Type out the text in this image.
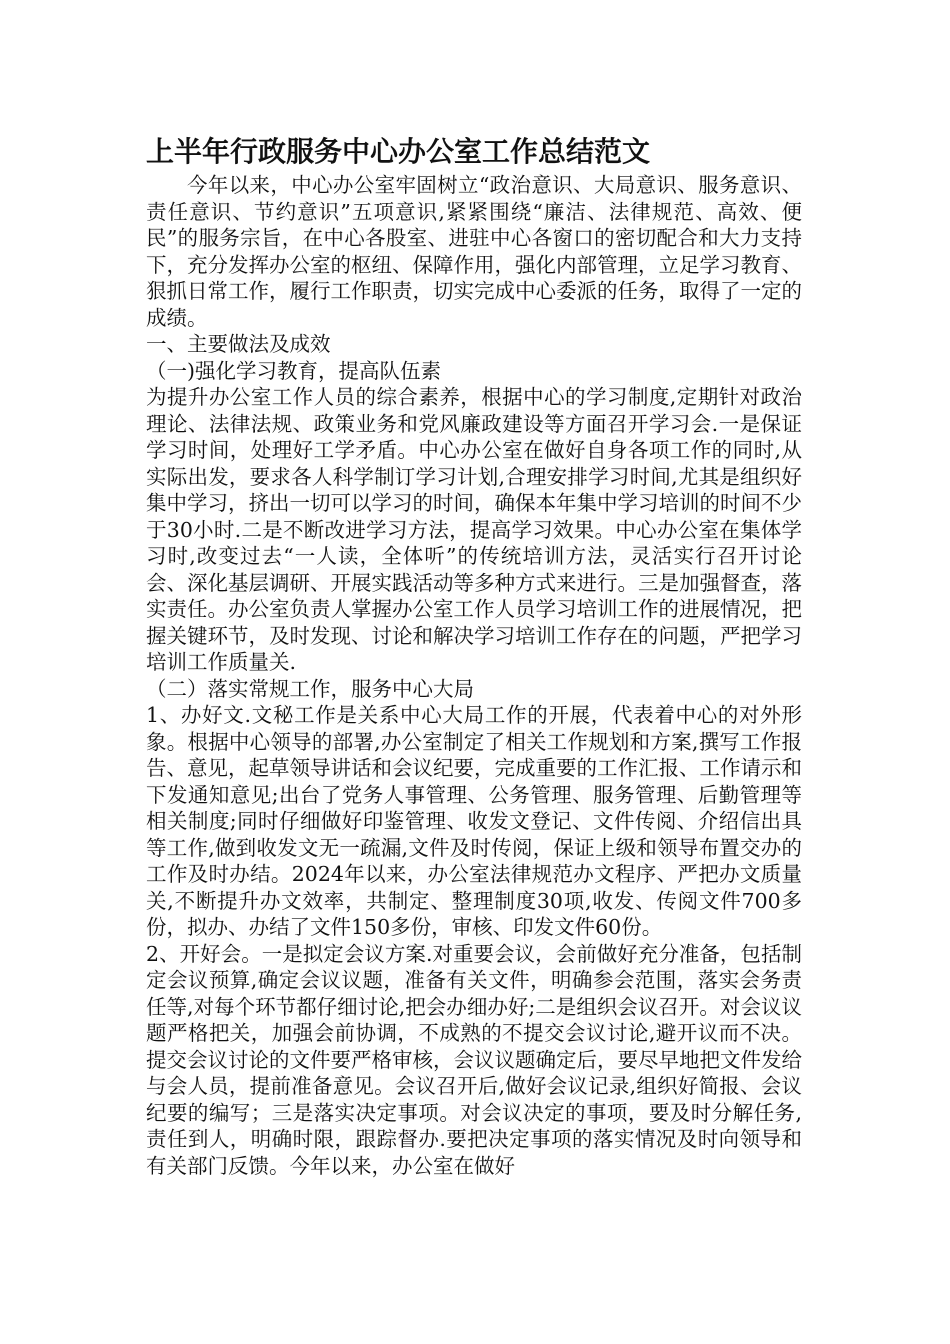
上半年行政服务中心办公室工作总结范文

今年以来，中心办公室牢固树立“政治意识、大局意识、服务意识、责任意识、节约意识”五项意识,紧紧围绕“廉洁、法律规范、高效、便民”的服务宗旨，在中心各股室、进驻中心各窗口的密切配合和大力支持下，充分发挥办公室的枢纽、保障作用，强化内部管理，立足学习教育、狠抓日常工作，履行工作职责，切实完成中心委派的任务，取得了一定的成绩。

一、主要做法及成效

（一)强化学习教育，提高队伍素

为提升办公室工作人员的综合素养，根据中心的学习制度,定期针对政治理论、法律法规、政策业务和党风廉政建设等方面召开学习会.一是保证学习时间，处理好工学矛盾。中心办公室在做好自身各项工作的同时,从实际出发，要求各人科学制订学习计划,合理安排学习时间,尤其是组织好集中学习，挤出一切可以学习的时间，确保本年集中学习培训的时间不少于30小时.二是不断改进学习方法，提高学习效果。中心办公室在集体学习时,改变过去“一人读，全体听”的传统培训方法，灵活实行召开讨论会、深化基层调研、开展实践活动等多种方式来进行。三是加强督查，落实责任。办公室负责人掌握办公室工作人员学习培训工作的进展情况，把握关键环节，及时发现、讨论和解决学习培训工作存在的问题，严把学习培训工作质量关.

（二）落实常规工作，服务中心大局

1、办好文.文秘工作是关系中心大局工作的开展，代表着中心的对外形象。根据中心领导的部署,办公室制定了相关工作规划和方案,撰写工作报告、意见，起草领导讲话和会议纪要，完成重要的工作汇报、工作请示和下发通知意见;出台了党务人事管理、公务管理、服务管理、后勤管理等相关制度;同时仔细做好印鉴管理、收发文登记、文件传阅、介绍信出具等工作,做到收发文无一疏漏,文件及时传阅，保证上级和领导布置交办的工作及时办结。2024年以来，办公室法律规范办文程序、严把办文质量关,不断提升办文效率，共制定、整理制度30项,收发、传阅文件700多份，拟办、办结了文件150多份，审核、印发文件60份。

2、开好会。一是拟定会议方案.对重要会议，会前做好充分准备，包括制定会议预算,确定会议议题，准备有关文件，明确参会范围，落实会务责任等,对每个环节都仔细讨论,把会办细办好;二是组织会议召开。对会议议题严格把关，加强会前协调，不成熟的不提交会议讨论,避开议而不决。提交会议讨论的文件要严格审核，会议议题确定后，要尽早地把文件发给与会人员，提前准备意见。会议召开后,做好会议记录,组织好简报、会议纪要的编写；三是落实决定事项。对会议决定的事项，要及时分解任务,责任到人，明确时限，跟踪督办.要把决定事项的落实情况及时向领导和有关部门反馈。今年以来，办公室在做好
